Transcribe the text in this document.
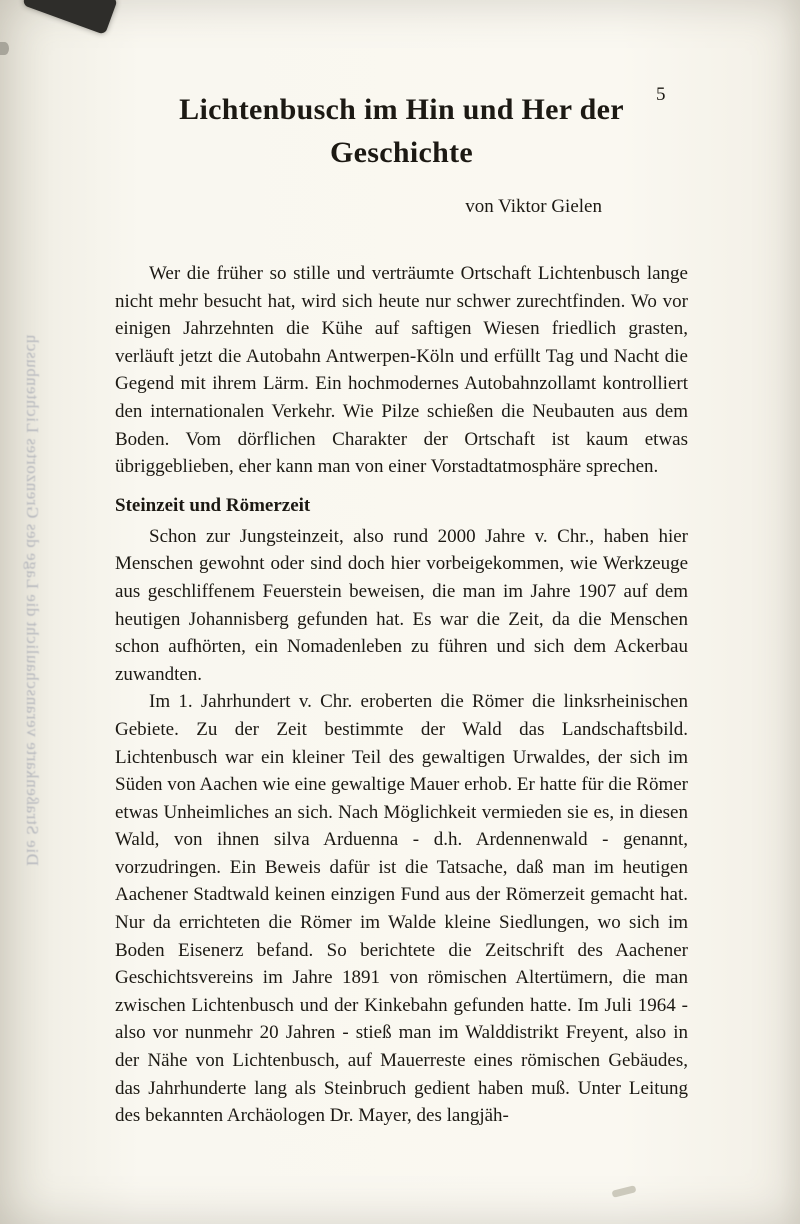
Die Straßenkarte veranschaulicht die Lage des Grenzortes Lichtenbusch
5
Lichtenbusch im Hin und Her der Geschichte
von Viktor Gielen

Wer die früher so stille und verträumte Ortschaft Lichtenbusch lange nicht mehr besucht hat, wird sich heute nur schwer zurechtfinden. Wo vor einigen Jahrzehnten die Kühe auf saftigen Wiesen friedlich grasten, verläuft jetzt die Autobahn Antwerpen-Köln und erfüllt Tag und Nacht die Gegend mit ihrem Lärm. Ein hochmodernes Autobahnzollamt kontrolliert den internationalen Verkehr. Wie Pilze schießen die Neubauten aus dem Boden. Vom dörflichen Charakter der Ortschaft ist kaum etwas übriggeblieben, eher kann man von einer Vorstadtatmosphäre sprechen.

Steinzeit und Römerzeit

Schon zur Jungsteinzeit, also rund 2000 Jahre v. Chr., haben hier Menschen gewohnt oder sind doch hier vorbeigekommen, wie Werkzeuge aus geschliffenem Feuerstein beweisen, die man im Jahre 1907 auf dem heutigen Johannisberg gefunden hat. Es war die Zeit, da die Menschen schon aufhörten, ein Nomadenleben zu führen und sich dem Ackerbau zuwandten.

Im 1. Jahrhundert v. Chr. eroberten die Römer die linksrheinischen Gebiete. Zu der Zeit bestimmte der Wald das Landschaftsbild. Lichtenbusch war ein kleiner Teil des gewaltigen Urwaldes, der sich im Süden von Aachen wie eine gewaltige Mauer erhob. Er hatte für die Römer etwas Unheimliches an sich. Nach Möglichkeit vermieden sie es, in diesen Wald, von ihnen silva Arduenna - d.h. Ardennenwald - genannt, vorzudringen. Ein Beweis dafür ist die Tatsache, daß man im heutigen Aachener Stadtwald keinen einzigen Fund aus der Römerzeit gemacht hat. Nur da errichteten die Römer im Walde kleine Siedlungen, wo sich im Boden Eisenerz befand. So berichtete die Zeitschrift des Aachener Geschichtsvereins im Jahre 1891 von römischen Altertümern, die man zwischen Lichtenbusch und der Kinkebahn gefunden hatte. Im Juli 1964 - also vor nunmehr 20 Jahren - stieß man im Walddistrikt Freyent, also in der Nähe von Lichtenbusch, auf Mauerreste eines römischen Gebäudes, das Jahrhunderte lang als Steinbruch gedient haben muß. Unter Leitung des bekannten Archäologen Dr. Mayer, des langjäh-
